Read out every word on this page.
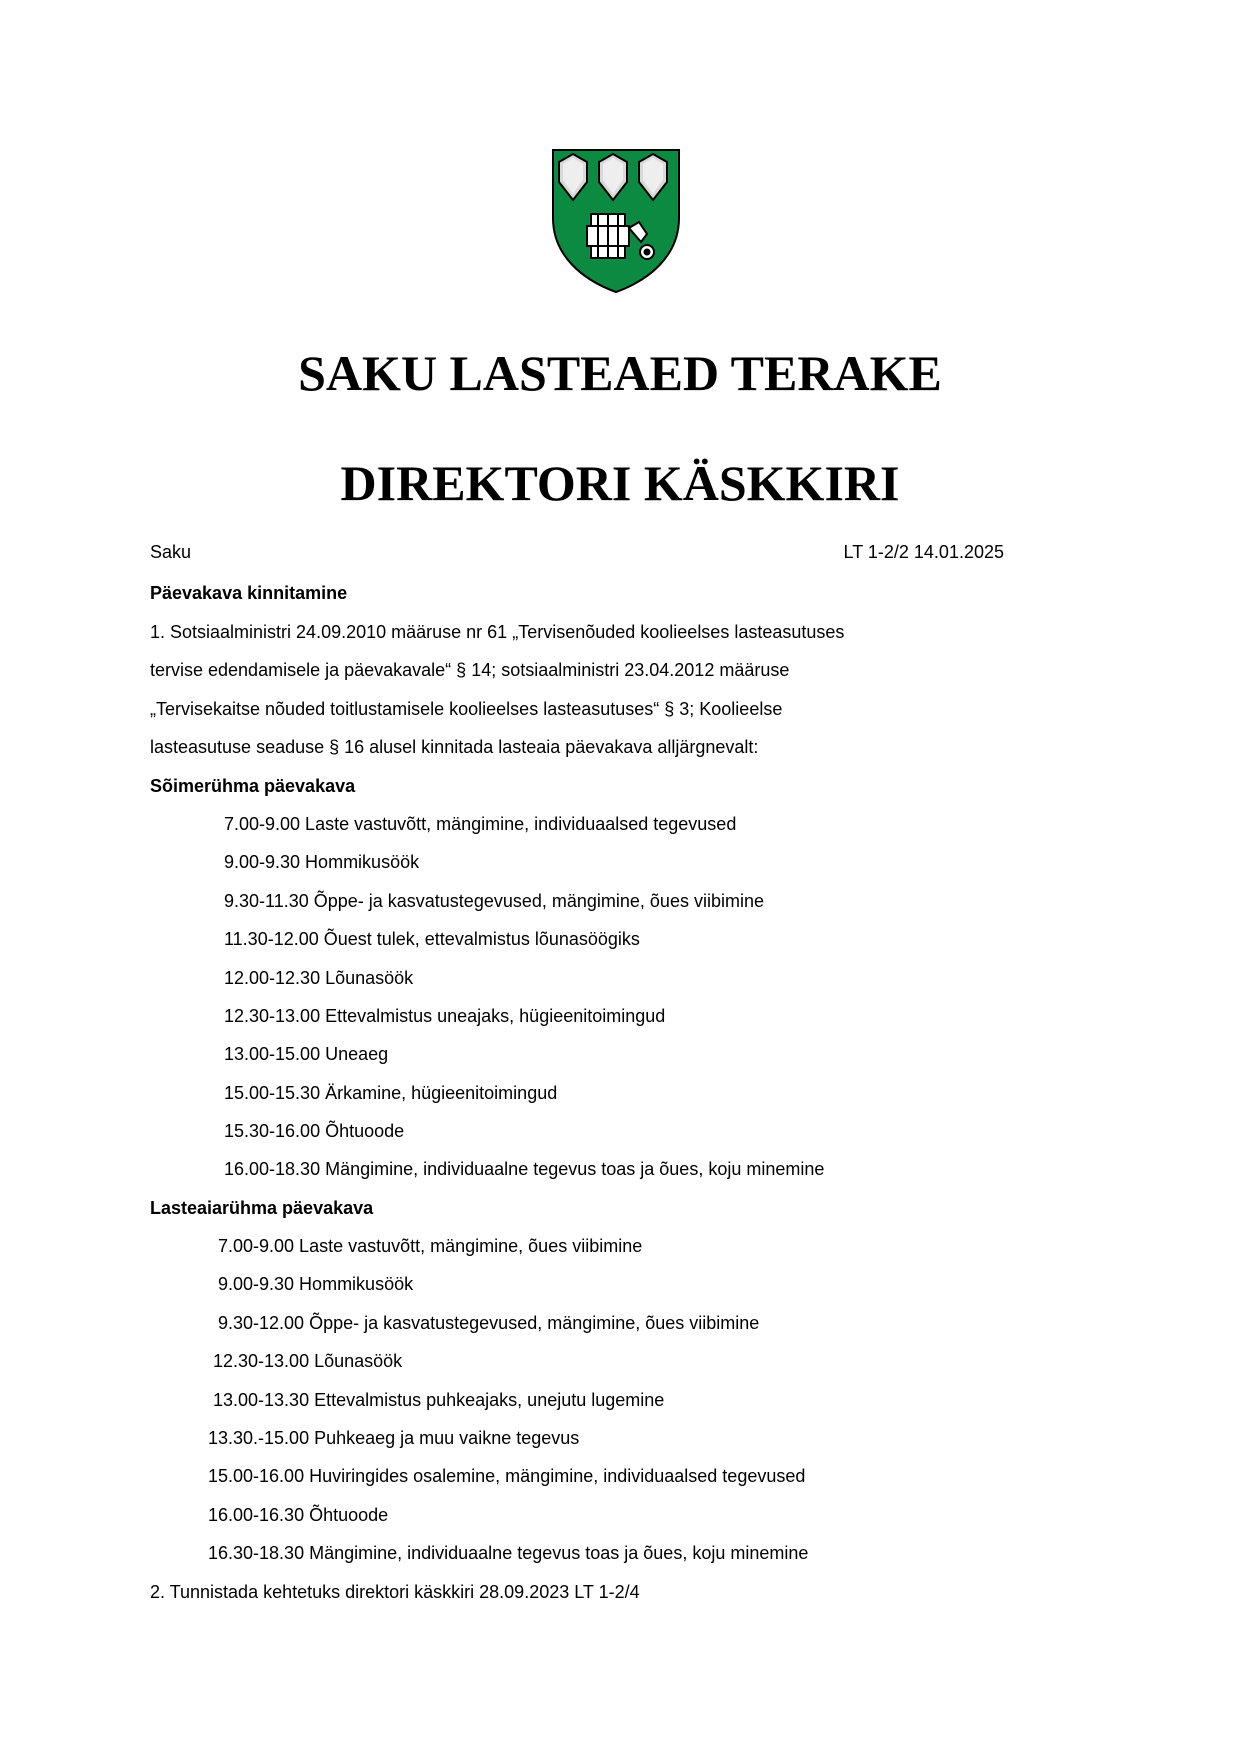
SAKU LASTEAED TERAKE
DIREKTORI KÄSKKIRI

Saku	LT 1-2/2 14.01.2025

Päevakava kinnitamine

1. Sotsiaalministri 24.09.2010 määruse nr 61 „Tervisenõuded koolieelses lasteasutuses

tervise edendamisele ja päevakavale“ § 14; sotsiaalministri 23.04.2012 määruse

„Tervisekaitse nõuded toitlustamisele koolieelses lasteasutuses“ § 3; Koolieelse

lasteasutuse seaduse § 16 alusel kinnitada lasteaia päevakava alljärgnevalt:

Sõimerühma päevakava

7.00-9.00 Laste vastuvõtt, mängimine, individuaalsed tegevused

9.00-9.30 Hommikusöök

9.30-11.30 Õppe- ja kasvatustegevused, mängimine, õues viibimine

11.30-12.00 Õuest tulek, ettevalmistus lõunasöögiks

12.00-12.30 Lõunasöök

12.30-13.00 Ettevalmistus uneajaks, hügieenitoimingud

13.00-15.00 Uneaeg

15.00-15.30 Ärkamine, hügieenitoimingud

15.30-16.00 Õhtuoode

16.00-18.30 Mängimine, individuaalne tegevus toas ja õues, koju minemine

Lasteaiarühma päevakava

7.00-9.00 Laste vastuvõtt, mängimine, õues viibimine

9.00-9.30 Hommikusöök

9.30-12.00 Õppe- ja kasvatustegevused, mängimine, õues viibimine

12.30-13.00 Lõunasöök

13.00-13.30 Ettevalmistus puhkeajaks, unejutu lugemine

13.30.-15.00 Puhkeaeg ja muu vaikne tegevus

15.00-16.00 Huviringides osalemine, mängimine, individuaalsed tegevused

16.00-16.30 Õhtuoode

16.30-18.30 Mängimine, individuaalne tegevus toas ja õues, koju minemine

2. Tunnistada kehtetuks direktori käskkiri 28.09.2023 LT 1-2/4
